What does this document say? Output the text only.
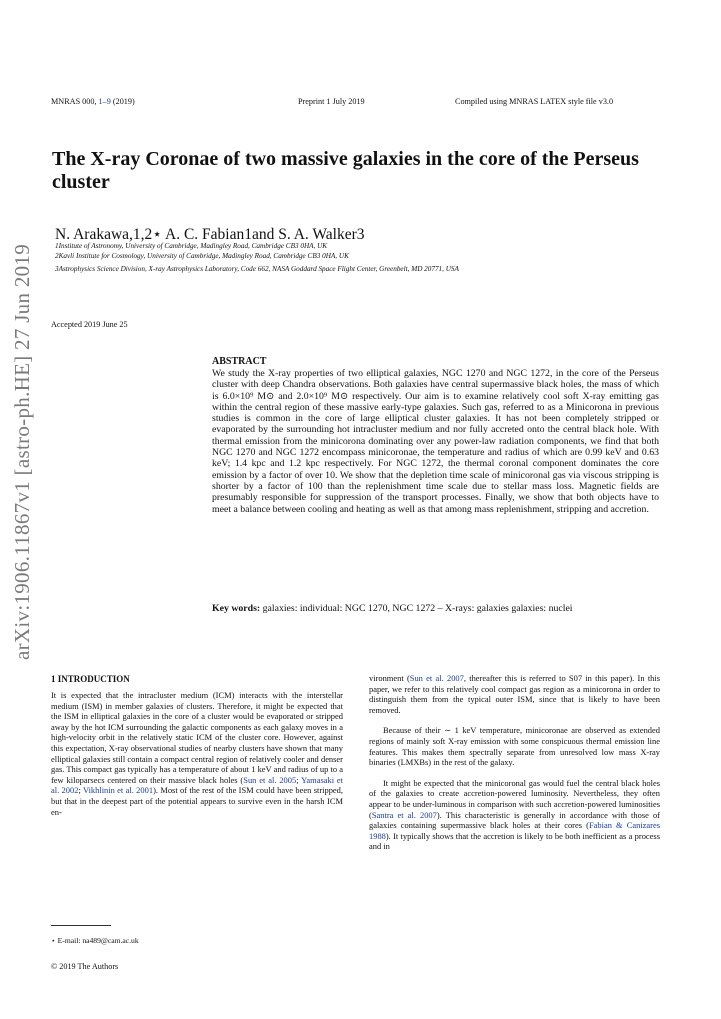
MNRAS 000, 1–9 (2019)	Preprint 1 July 2019	Compiled using MNRAS LATEX style file v3.0
The X-ray Coronae of two massive galaxies in the core of the Perseus cluster
N. Arakawa,1,2⋆ A. C. Fabian1and S. A. Walker3
1Institute of Astronomy, University of Cambridge, Madingley Road, Cambridge CB3 0HA, UK
2Kavli Institute for Cosmology, University of Cambridge, Madingley Road, Cambridge CB3 0HA, UK
3Astrophysics Science Division, X-ray Astrophysics Laboratory, Code 662, NASA Goddard Space Flight Center, Greenbelt, MD 20771, USA
arXiv:1906.11867v1 [astro-ph.HE] 27 Jun 2019 Accepted 2019 June 25
ABSTRACT
We study the X-ray properties of two elliptical galaxies, NGC 1270 and NGC 1272, in the core of the Perseus cluster with deep Chandra observations. Both galaxies have central supermassive black holes, the mass of which is 6.0×10⁹ M⊙ and 2.0×10⁹ M⊙ respectively. Our aim is to examine relatively cool soft X-ray emitting gas within the central region of these massive early-type galaxies. Such gas, referred to as a Minicorona in previous studies is common in the core of large elliptical cluster galaxies. It has not been completely stripped or evaporated by the surrounding hot intracluster medium and nor fully accreted onto the central black hole. With thermal emission from the minicorona dominating over any power-law radiation components, we find that both NGC 1270 and NGC 1272 encompass minicoronae, the temperature and radius of which are 0.99 keV and 0.63 keV; 1.4 kpc and 1.2 kpc respectively. For NGC 1272, the thermal coronal component dominates the core emission by a factor of over 10. We show that the depletion time scale of minicoronal gas via viscous stripping is shorter by a factor of 100 than the replenishment time scale due to stellar mass loss. Magnetic fields are presumably responsible for suppression of the transport processes. Finally, we show that both objects have to meet a balance between cooling and heating as well as that among mass replenishment, stripping and accretion.
Key words: galaxies: individual: NGC 1270, NGC 1272 – X-rays: galaxies galaxies: nuclei
1 INTRODUCTION

It is expected that the intracluster medium (ICM) interacts with the interstellar medium (ISM) in member galaxies of clusters. Therefore, it might be expected that the ISM in elliptical galaxies in the core of a cluster would be evaporated or stripped away by the hot ICM surrounding the galactic components as each galaxy moves in a high-velocity orbit in the relatively static ICM of the cluster core. However, against this expectation, X-ray observational studies of nearby clusters have shown that many elliptical galaxies still contain a compact central region of relatively cooler and denser gas. This compact gas typically has a temperature of about 1 keV and radius of up to a few kiloparsecs centered on their massive black holes (Sun et al. 2005; Yamasaki et al. 2002; Vikhlinin et al. 2001). Most of the rest of the ISM could have been stripped, but that in the deepest part of the potential appears to survive even in the harsh ICM en-

vironment (Sun et al. 2007, thereafter this is referred to S07 in this paper). In this paper, we refer to this relatively cool compact gas region as a minicorona in order to distinguish them from the typical outer ISM, since that is likely to have been removed.

Because of their ∼ 1 keV temperature, minicoronae are observed as extended regions of mainly soft X-ray emission with some conspicuous thermal emission line features. This makes them spectrally separate from unresolved low mass X-ray binaries (LMXBs) in the rest of the galaxy.

It might be expected that the minicoronal gas would fuel the central black holes of the galaxies to create accretion-powered luminosity. Nevertheless, they often appear to be under-luminous in comparison with such accretion-powered luminosities (Santra et al. 2007). This characteristic is generally in accordance with those of galaxies containing supermassive black holes at their cores (Fabian & Canizares 1988). It typically shows that the accretion is likely to be both inefficient as a process and in

⋆ E-mail: na489@cam.ac.uk
© 2019 The Authors
